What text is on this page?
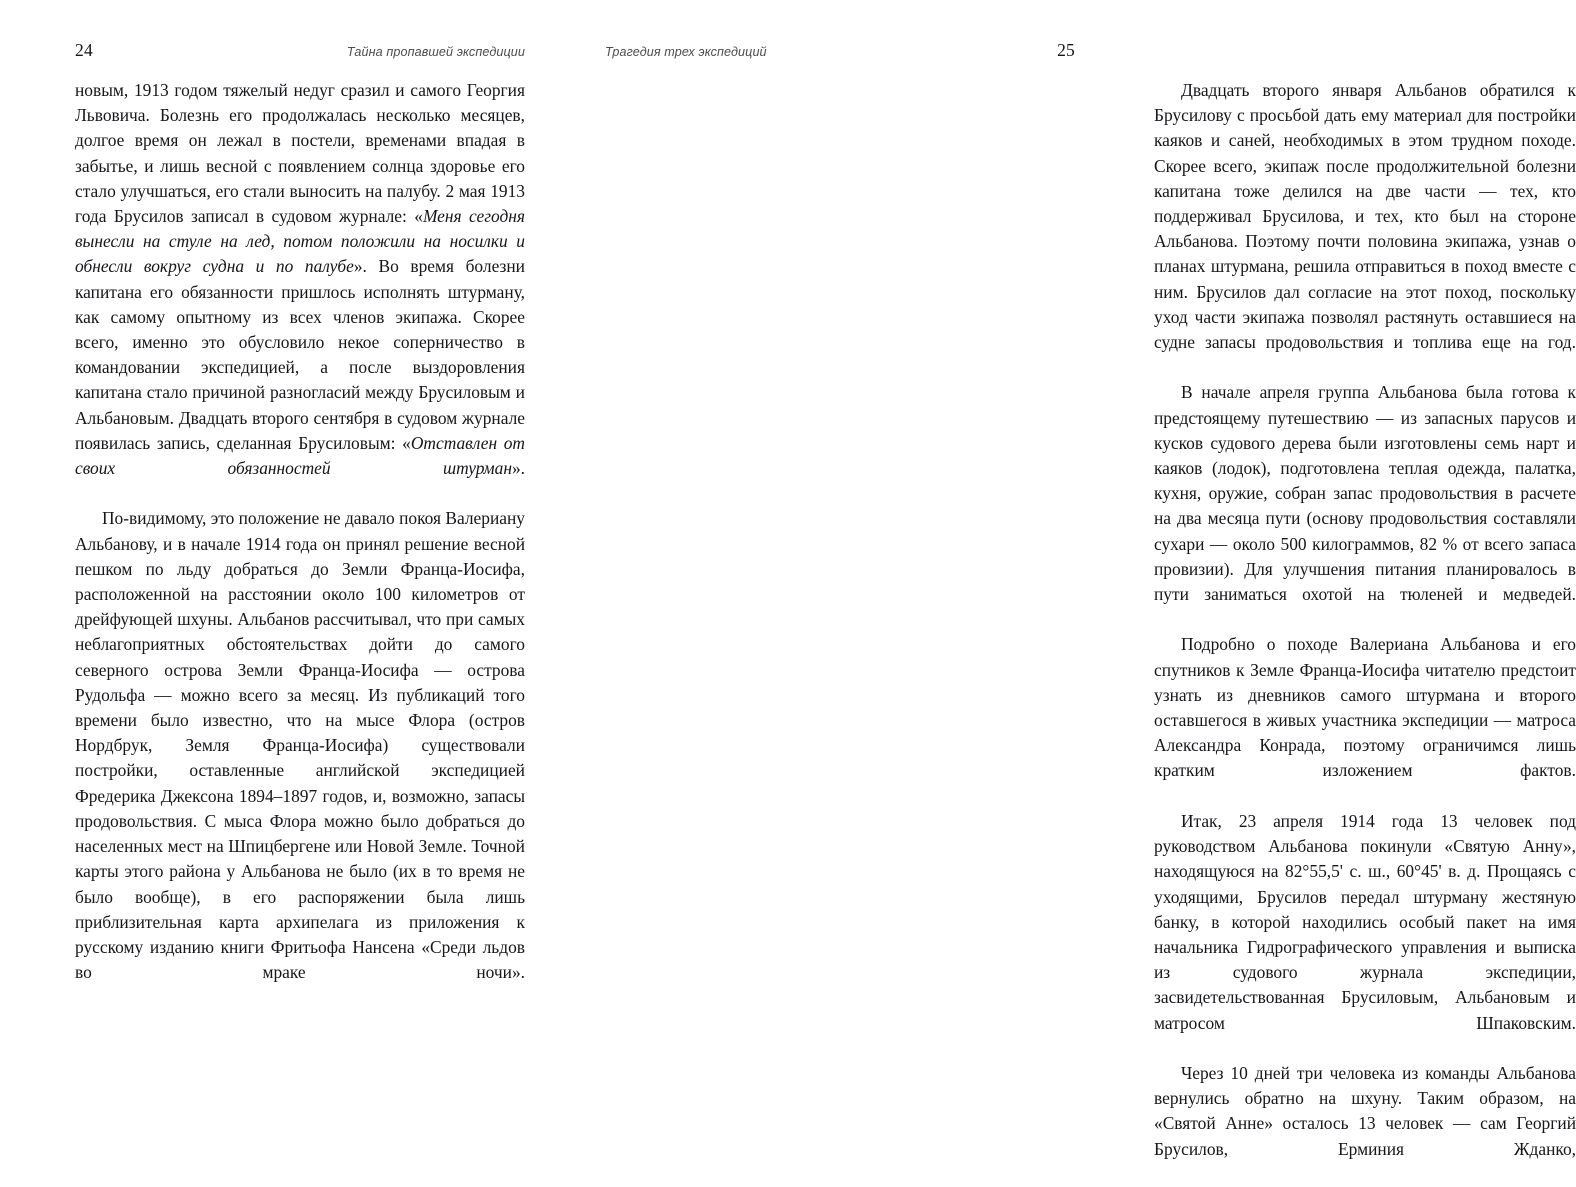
24	Тайна пропавшей экспедиции

новым, 1913 годом тяжелый недуг сразил и самого Георгия Львовича. Болезнь его продолжалась несколько месяцев, долгое время он лежал в постели, временами впадая в забытье, и лишь весной с появлением солнца здоровье его стало улучшаться, его стали выносить на палубу. 2 мая 1913 года Брусилов записал в судовом журнале: «Меня сегодня вынесли на стуле на лед, потом положили на носилки и обнесли вокруг судна и по палубе». Во время болезни капитана его обязанности пришлось исполнять штурману, как самому опытному из всех членов экипажа. Скорее всего, именно это обусловило некое соперничество в командовании экспедицией, а после выздоровления капитана стало причиной разногласий между Брусиловым и Альбановым. Двадцать второго сентября в судовом журнале появилась запись, сделанная Брусиловым: «Отставлен от своих обязанностей штурман».

По-видимому, это положение не давало покоя Валериану Альбанову, и в начале 1914 года он принял решение весной пешком по льду добраться до Земли Франца-Иосифа, расположенной на расстоянии около 100 километров от дрейфующей шхуны. Альбанов рассчитывал, что при самых неблагоприятных обстоятельствах дойти до самого северного острова Земли Франца-Иосифа — острова Рудольфа — можно всего за месяц. Из публикаций того времени было известно, что на мысе Флора (остров Нордбрук, Земля Франца-Иосифа) существовали постройки, оставленные английской экспедицией Фредерика Джексона 1894–1897 годов, и, возможно, запасы продовольствия. С мыса Флора можно было добраться до населенных мест на Шпицбергене или Новой Земле. Точной карты этого района у Альбанова не было (их в то время не было вообще), в его распоряжении была лишь приблизительная карта архипелага из приложения к русскому изданию книги Фритьофа Нансена «Среди льдов во мраке ночи».

Трагедия трех экспедиций	25

Двадцать второго января Альбанов обратился к Брусилову с просьбой дать ему материал для постройки каяков и саней, необходимых в этом трудном походе. Скорее всего, экипаж после продолжительной болезни капитана тоже делился на две части — тех, кто поддерживал Брусилова, и тех, кто был на стороне Альбанова. Поэтому почти половина экипажа, узнав о планах штурмана, решила отправиться в поход вместе с ним. Брусилов дал согласие на этот поход, поскольку уход части экипажа позволял растянуть оставшиеся на судне запасы продовольствия и топлива еще на год.

В начале апреля группа Альбанова была готова к предстоящему путешествию — из запасных парусов и кусков судового дерева были изготовлены семь нарт и каяков (лодок), подготовлена теплая одежда, палатка, кухня, оружие, собран запас продовольствия в расчете на два месяца пути (основу продовольствия составляли сухари — около 500 килограммов, 82 % от всего запаса провизии). Для улучшения питания планировалось в пути заниматься охотой на тюленей и медведей.

Подробно о походе Валериана Альбанова и его спутников к Земле Франца-Иосифа читателю предстоит узнать из дневников самого штурмана и второго оставшегося в живых участника экспедиции — матроса Александра Конрада, поэтому ограничимся лишь кратким изложением фактов.

Итак, 23 апреля 1914 года 13 человек под руководством Альбанова покинули «Святую Анну», находящуюся на 82°55,5' с. ш., 60°45' в. д. Прощаясь с уходящими, Брусилов передал штурману жестяную банку, в которой находились особый пакет на имя начальника Гидрографического управления и выписка из судового журнала экспедиции, засвидетельствованная Брусиловым, Альбановым и матросом Шпаковским.

Через 10 дней три человека из команды Альбанова вернулись обратно на шхуну. Таким образом, на «Святой Анне» осталось 13 человек — сам Георгий Брусилов, Ерминия Жданко,
